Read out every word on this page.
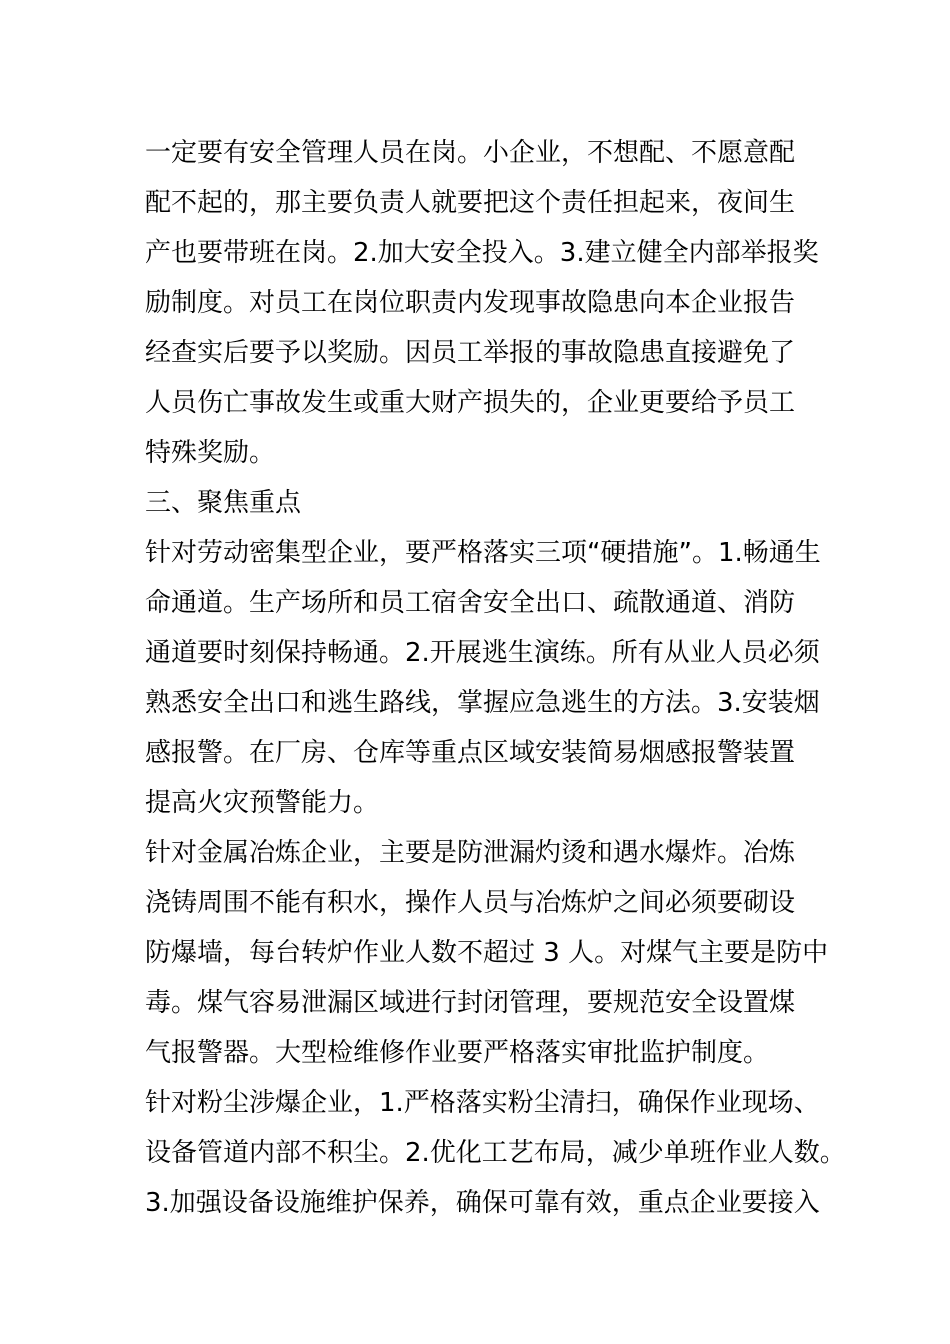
一定要有安全管理人员在岗。小企业，不想配、不愿意配
配不起的，那主要负责人就要把这个责任担起来，夜间生
产也要带班在岗。2.加大安全投入。3.建立健全内部举报奖
励制度。对员工在岗位职责内发现事故隐患向本企业报告
经查实后要予以奖励。因员工举报的事故隐患直接避免了
人员伤亡事故发生或重大财产损失的，企业更要给予员工
特殊奖励。
三、聚焦重点
针对劳动密集型企业，要严格落实三项“硬措施”。1.畅通生
命通道。生产场所和员工宿舍安全出口、疏散通道、消防
通道要时刻保持畅通。2.开展逃生演练。所有从业人员必须
熟悉安全出口和逃生路线，掌握应急逃生的方法。3.安装烟
感报警。在厂房、仓库等重点区域安装简易烟感报警装置
提高火灾预警能力。
针对金属冶炼企业，主要是防泄漏灼烫和遇水爆炸。冶炼
浇铸周围不能有积水，操作人员与冶炼炉之间必须要砌设
防爆墙，每台转炉作业人数不超过 3 人。对煤气主要是防中
毒。煤气容易泄漏区域进行封闭管理，要规范安全设置煤
气报警器。大型检维修作业要严格落实审批监护制度。
针对粉尘涉爆企业，1.严格落实粉尘清扫，确保作业现场、
设备管道内部不积尘。2.优化工艺布局，减少单班作业人数。
3.加强设备设施维护保养，确保可靠有效，重点企业要接入
